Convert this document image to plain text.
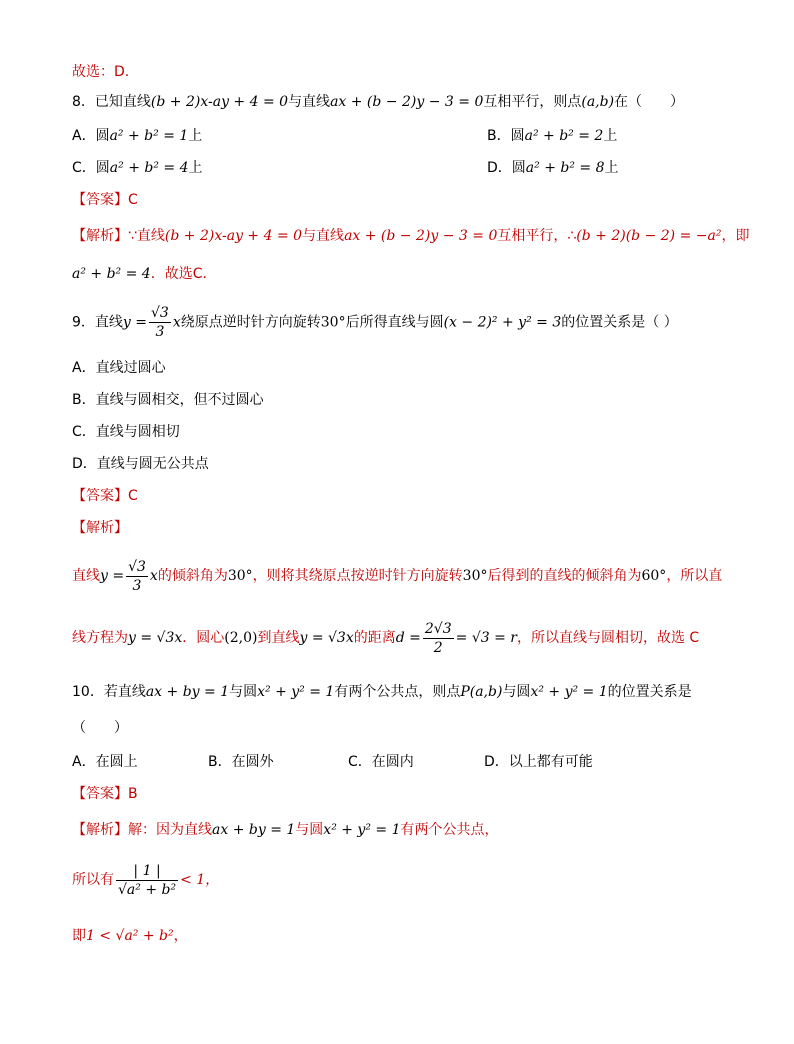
故选：D.
8．已知直线(b + 2)x-ay + 4 = 0与直线ax + (b − 2)y − 3 = 0互相平行，则点(a,b)在（　　）
A．圆a² + b² = 1上	B．圆a² + b² = 2上
C．圆a² + b² = 4上	D．圆a² + b² = 8上
【答案】C
【解析】∵直线(b + 2)x-ay + 4 = 0与直线ax + (b − 2)y − 3 = 0互相平行，∴(b + 2)(b − 2) = −a²，即
a² + b² = 4．故选C．
9．直线$y = \frac{√3}{3}$ x绕原点逆时针方向旋转30°后所得直线与圆(x − 2)² + y² = 3的位置关系是（ ）
A．直线过圆心
B．直线与圆相交，但不过圆心
C．直线与圆相切
D．直线与圆无公共点
【答案】C
【解析】
直线$y = \frac{√3}{3}$ x的倾斜角为30°，则将其绕原点按逆时针方向旋转30°后得到的直线的倾斜角为60°，所以直
线方程为y = √3x．圆心(2,0)到直线y = √3x的距离$d = \frac{2√3}{2} = √3 = r$，所以直线与圆相切，故选 C
10．若直线ax + by = 1与圆x² + y² = 1有两个公共点，则点P(a,b)与圆x² + y² = 1的位置关系是
（　　）
A．在圆上	B．在圆外	C．在圆内	D．以上都有可能
【答案】B
【解析】解：因为直线ax + by = 1与圆x² + y² = 1有两个公共点，
所以有 $\frac{| 1 |}{\text{√a² + b²}} < 1$，
即1 < √a² + b²，
